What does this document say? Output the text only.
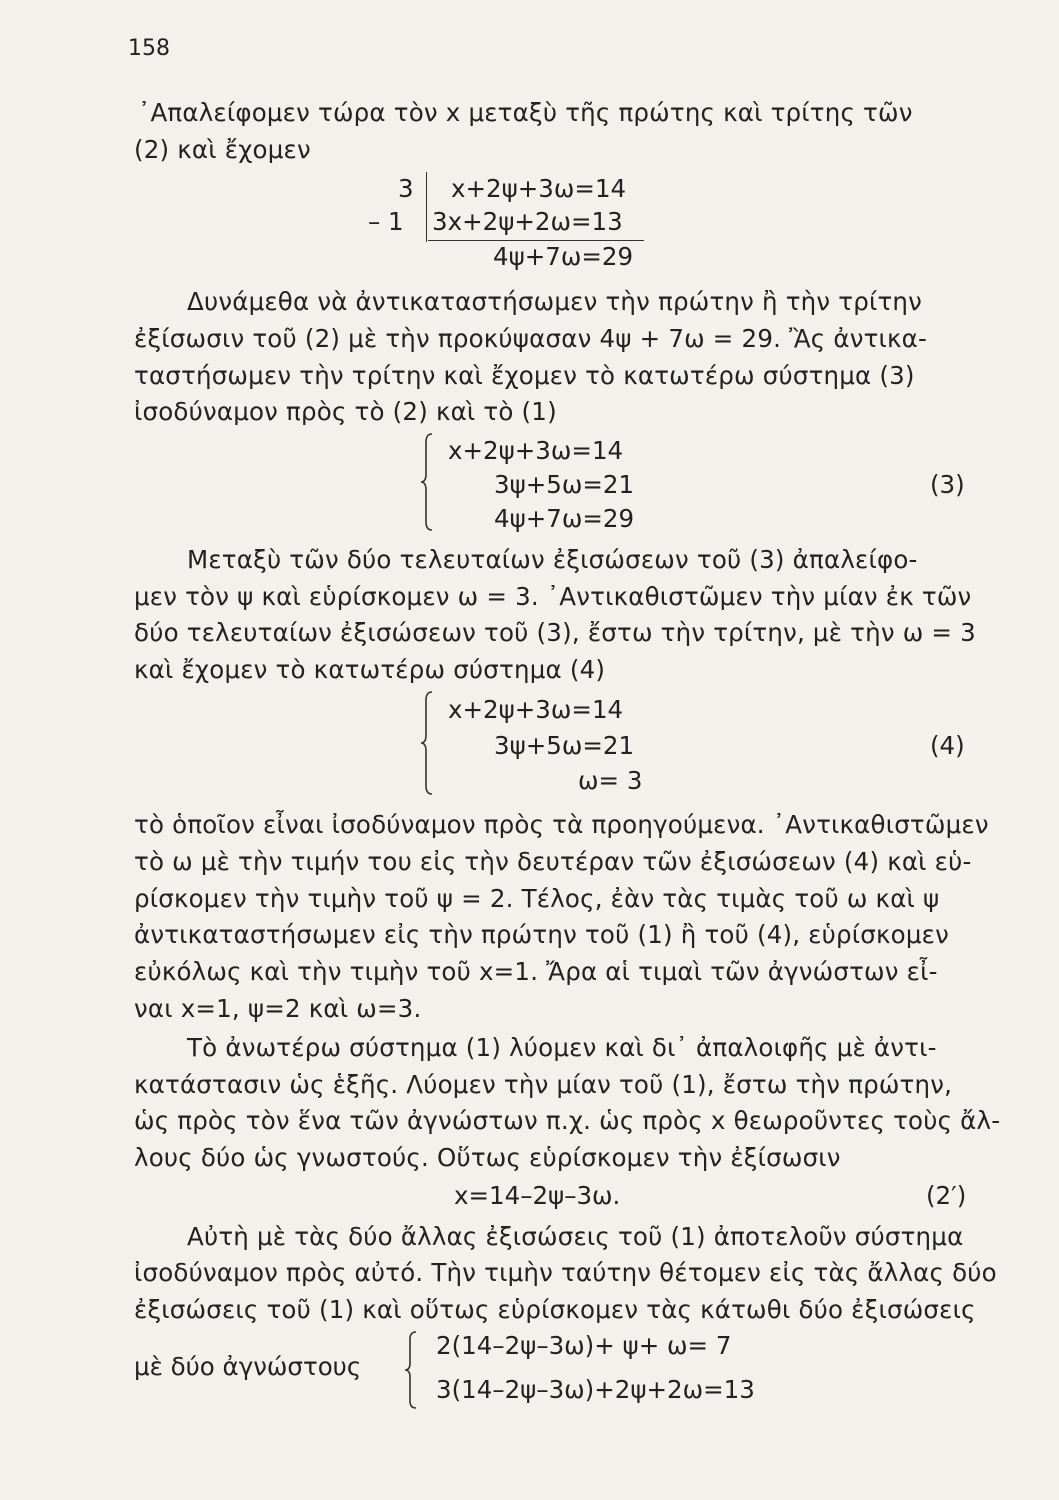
158
᾿Απαλείφομεν τώρα τὸν x μεταξὺ τῆς πρώτης καὶ τρίτης τῶν
(2) καὶ ἔχομεν
3
– 1
x+2ψ+3ω=14
3x+2ψ+2ω=13
4ψ+7ω=29
Δυνάμεθα νὰ ἀντικαταστήσωμεν τὴν πρώτην ἢ τὴν τρίτην
ἐξίσωσιν τοῦ (2) μὲ τὴν προκύψασαν 4ψ + 7ω = 29. Ἂς ἀντικα-
ταστήσωμεν τὴν τρίτην καὶ ἔχομεν τὸ κατωτέρω σύστημα (3)
ἰσοδύναμον πρὸς τὸ (2) καὶ τὸ (1)
x+2ψ+3ω=14
3ψ+5ω=21
4ψ+7ω=29
(3)
Μεταξὺ τῶν δύο τελευταίων ἐξισώσεων τοῦ (3) ἀπαλείφο-
μεν τὸν ψ καὶ εὑρίσκομεν ω = 3. ᾿Αντικαθιστῶμεν τὴν μίαν ἐκ τῶν
δύο τελευταίων ἐξισώσεων τοῦ (3), ἔστω τὴν τρίτην, μὲ τὴν ω = 3
καὶ ἔχομεν τὸ κατωτέρω σύστημα (4)
x+2ψ+3ω=14
3ψ+5ω=21
ω= 3
(4)
τὸ ὁποῖον εἶναι ἰσοδύναμον πρὸς τὰ προηγούμενα. ᾿Αντικαθιστῶμεν
τὸ ω μὲ τὴν τιμήν του εἰς τὴν δευτέραν τῶν ἐξισώσεων (4) καὶ εὑ-
ρίσκομεν τὴν τιμὴν τοῦ ψ = 2. Τέλος, ἐὰν τὰς τιμὰς τοῦ ω καὶ ψ
ἀντικαταστήσωμεν εἰς τὴν πρώτην τοῦ (1) ἢ τοῦ (4), εὑρίσκομεν
εὐκόλως καὶ τὴν τιμὴν τοῦ x=1. Ἄρα αἱ τιμαὶ τῶν ἀγνώστων εἶ-
ναι x=1, ψ=2 καὶ ω=3.
Τὸ ἀνωτέρω σύστημα (1) λύομεν καὶ δι᾿ ἀπαλοιφῆς μὲ ἀντι-
κατάστασιν ὡς ἑξῆς. Λύομεν τὴν μίαν τοῦ (1), ἔστω τὴν πρώτην,
ὡς πρὸς τὸν ἕνα τῶν ἀγνώστων π.χ. ὡς πρὸς x θεωροῦντες τοὺς ἄλ-
λους δύο ὡς γνωστούς. Οὕτως εὑρίσκομεν τὴν ἐξίσωσιν
x=14–2ψ–3ω.	(2′)
Αὐτὴ μὲ τὰς δύο ἄλλας ἐξισώσεις τοῦ (1) ἀποτελοῦν σύστημα
ἰσοδύναμον πρὸς αὐτό. Τὴν τιμὴν ταύτην θέτομεν εἰς τὰς ἄλλας δύο
ἐξισώσεις τοῦ (1) καὶ οὕτως εὑρίσκομεν τὰς κάτωθι δύο ἐξισώσεις
μὲ δύο ἀγνώστους
2(14–2ψ–3ω)+ ψ+ ω= 7
3(14–2ψ–3ω)+2ψ+2ω=13
